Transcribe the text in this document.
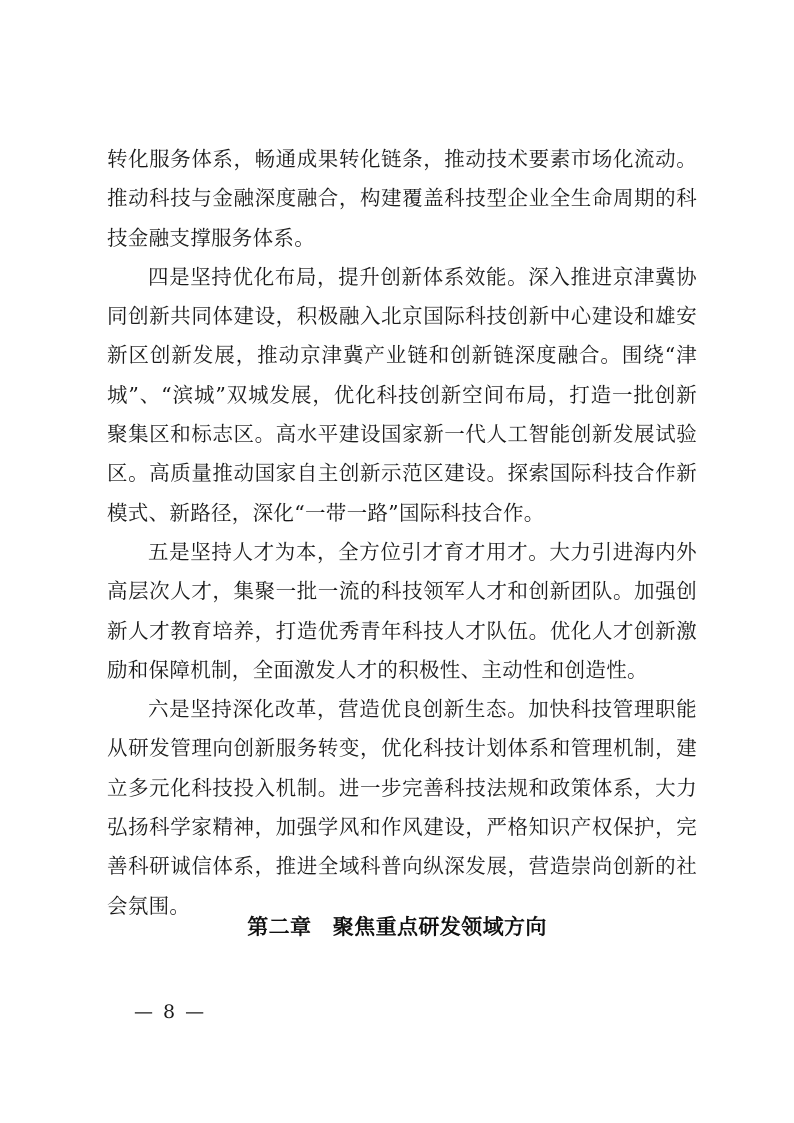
转化服务体系，畅通成果转化链条，推动技术要素市场化流动。推动科技与金融深度融合，构建覆盖科技型企业全生命周期的科技金融支撑服务体系。

四是坚持优化布局，提升创新体系效能。深入推进京津冀协同创新共同体建设，积极融入北京国际科技创新中心建设和雄安新区创新发展，推动京津冀产业链和创新链深度融合。围绕“津城”、“滨城”双城发展，优化科技创新空间布局，打造一批创新聚集区和标志区。高水平建设国家新一代人工智能创新发展试验区。高质量推动国家自主创新示范区建设。探索国际科技合作新模式、新路径，深化“一带一路”国际科技合作。

五是坚持人才为本，全方位引才育才用才。大力引进海内外高层次人才，集聚一批一流的科技领军人才和创新团队。加强创新人才教育培养，打造优秀青年科技人才队伍。优化人才创新激励和保障机制，全面激发人才的积极性、主动性和创造性。

六是坚持深化改革，营造优良创新生态。加快科技管理职能从研发管理向创新服务转变，优化科技计划体系和管理机制，建立多元化科技投入机制。进一步完善科技法规和政策体系，大力弘扬科学家精神，加强学风和作风建设，严格知识产权保护，完善科研诚信体系，推进全域科普向纵深发展，营造崇尚创新的社会氛围。

第二章　聚焦重点研发领域方向
— 8 —
